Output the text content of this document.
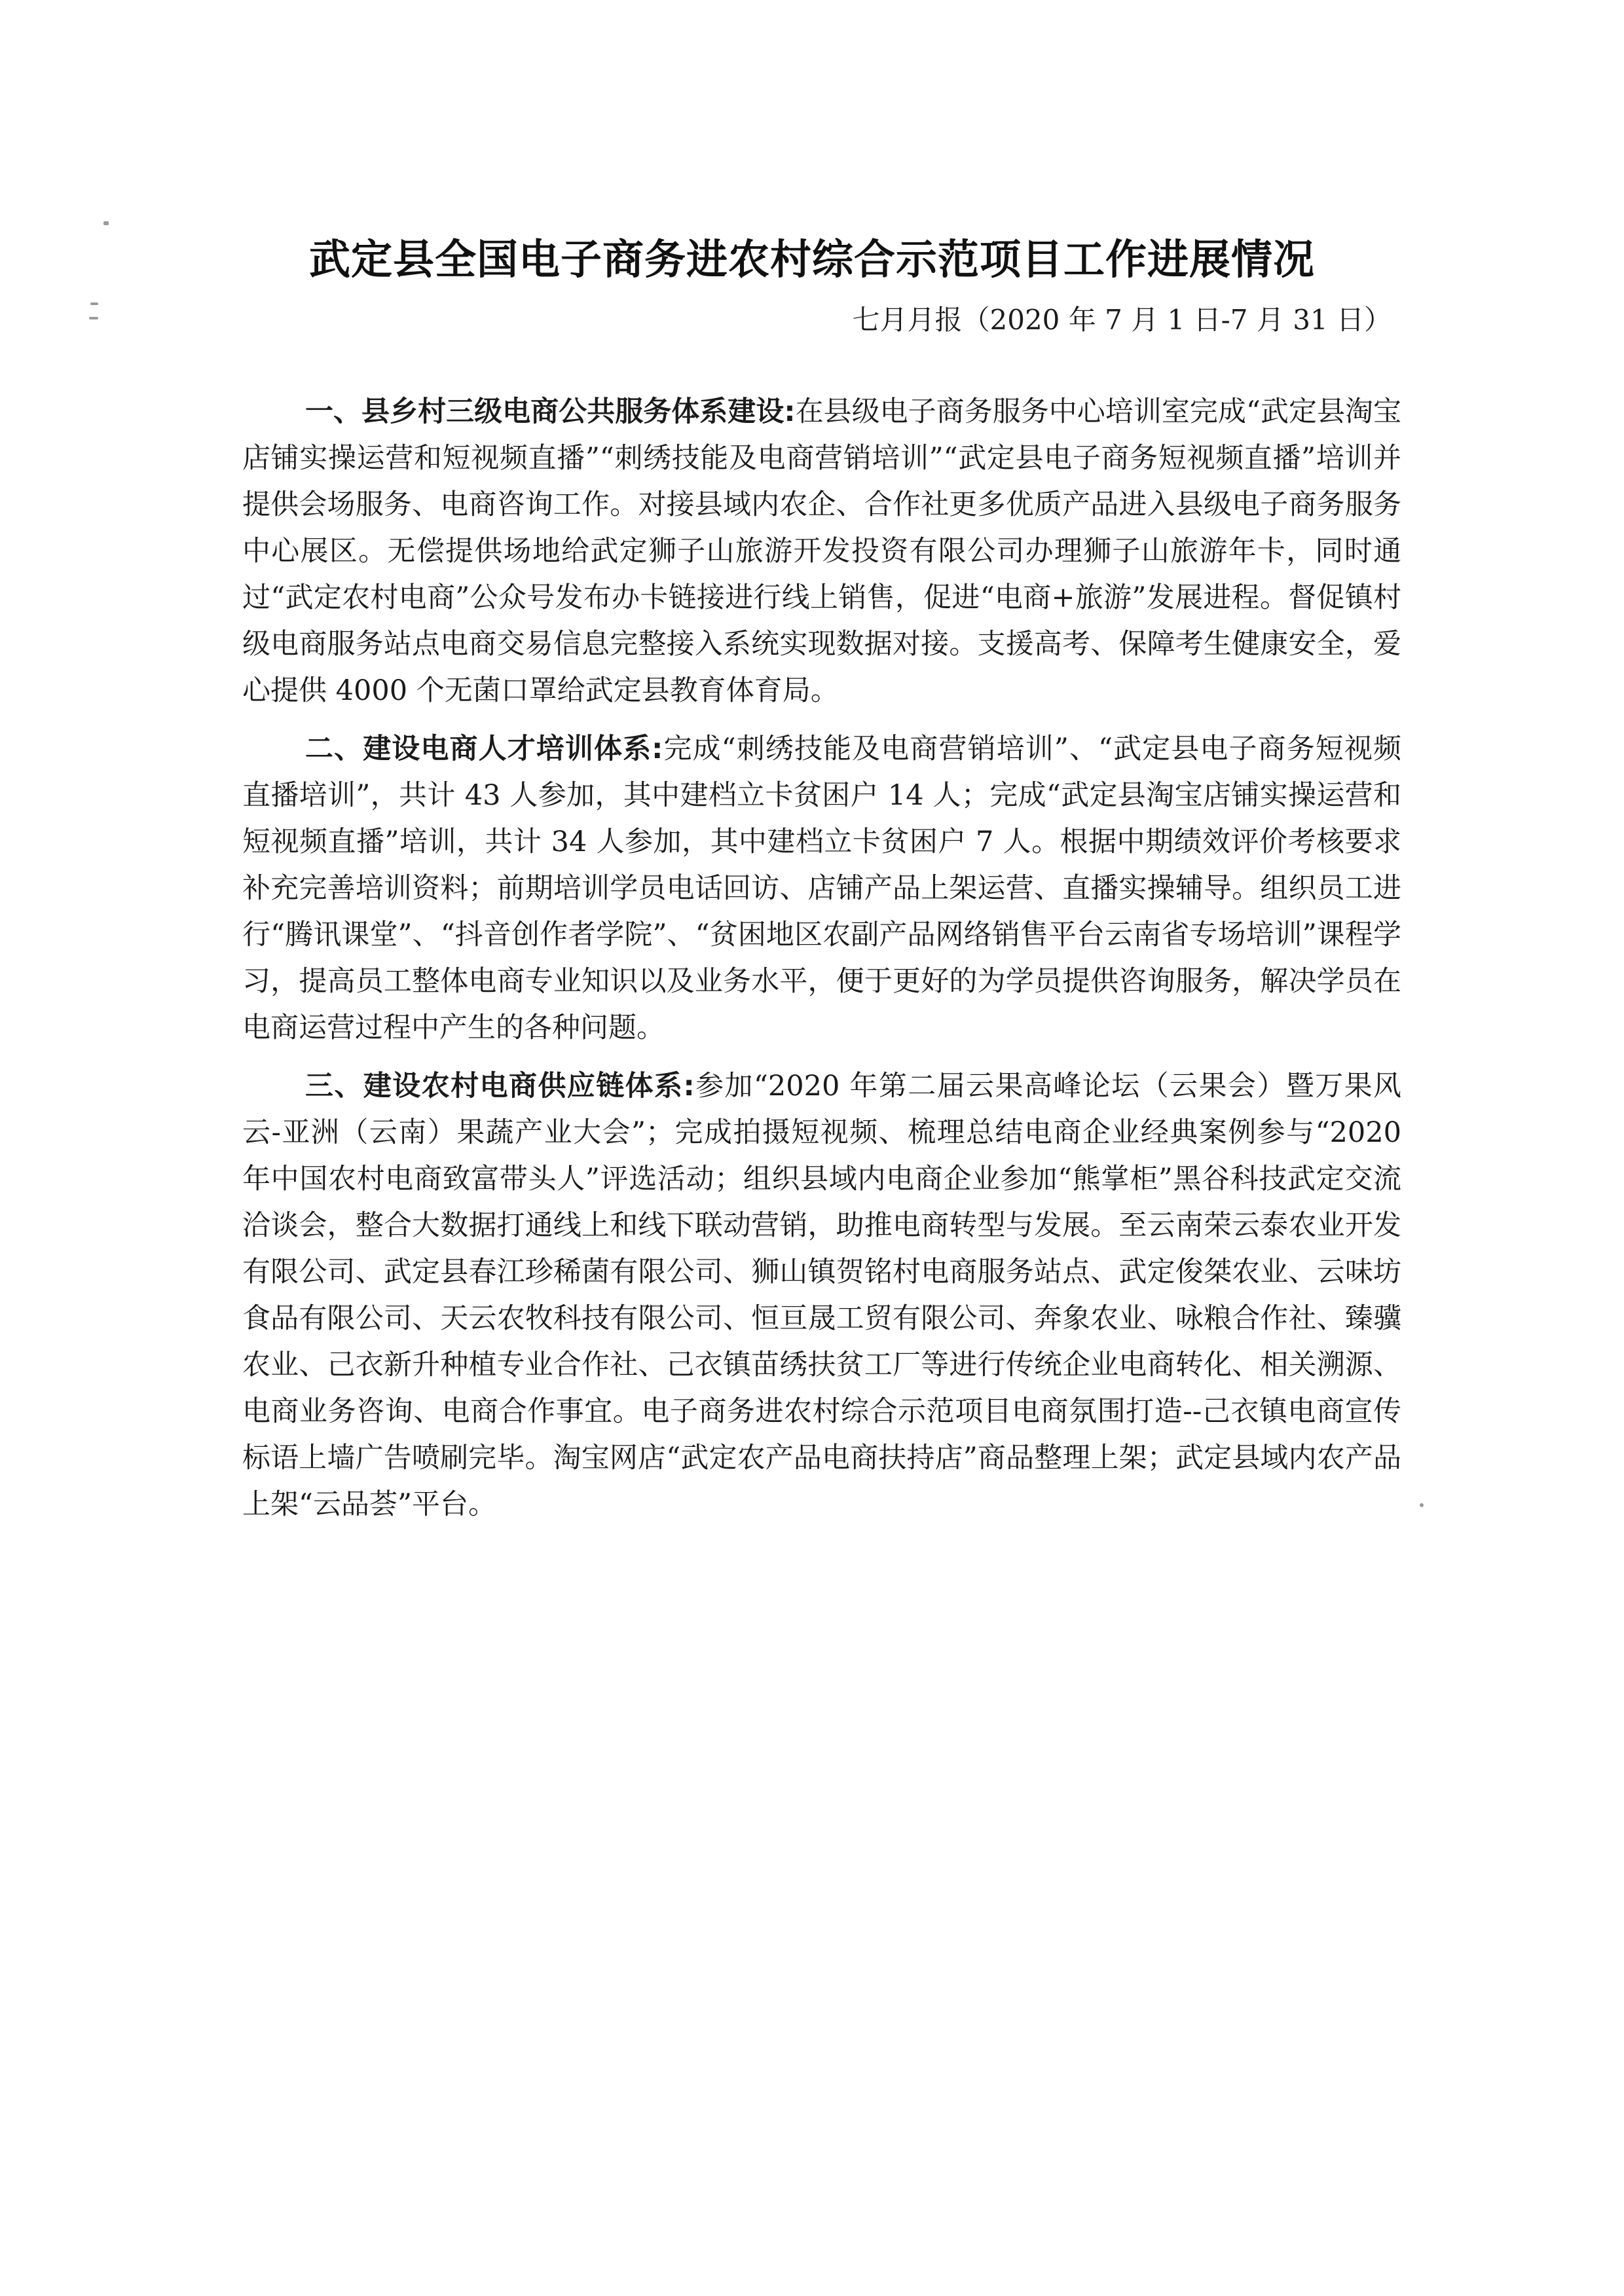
武定县全国电子商务进农村综合示范项目工作进展情况

七月月报（2020 年 7 月 1 日-7 月 31 日）

一、县乡村三级电商公共服务体系建设:在县级电子商务服务中心培训室完成“武定县淘宝店铺实操运营和短视频直播”“刺绣技能及电商营销培训”“武定县电子商务短视频直播”培训并提供会场服务、电商咨询工作。对接县域内农企、合作社更多优质产品进入县级电子商务服务中心展区。无偿提供场地给武定狮子山旅游开发投资有限公司办理狮子山旅游年卡，同时通过“武定农村电商”公众号发布办卡链接进行线上销售，促进“电商+旅游”发展进程。督促镇村级电商服务站点电商交易信息完整接入系统实现数据对接。支援高考、保障考生健康安全，爱心提供 4000 个无菌口罩给武定县教育体育局。

二、建设电商人才培训体系:完成“刺绣技能及电商营销培训”、“武定县电子商务短视频直播培训”，共计 43 人参加，其中建档立卡贫困户 14 人；完成“武定县淘宝店铺实操运营和短视频直播”培训，共计 34 人参加，其中建档立卡贫困户 7 人。根据中期绩效评价考核要求补充完善培训资料；前期培训学员电话回访、店铺产品上架运营、直播实操辅导。组织员工进行“腾讯课堂”、“抖音创作者学院”、“贫困地区农副产品网络销售平台云南省专场培训”课程学习，提高员工整体电商专业知识以及业务水平，便于更好的为学员提供咨询服务，解决学员在电商运营过程中产生的各种问题。

三、建设农村电商供应链体系:参加“2020 年第二届云果高峰论坛（云果会）暨万果风云-亚洲（云南）果蔬产业大会”；完成拍摄短视频、梳理总结电商企业经典案例参与“2020 年中国农村电商致富带头人”评选活动；组织县域内电商企业参加“熊掌柜”黑谷科技武定交流洽谈会，整合大数据打通线上和线下联动营销，助推电商转型与发展。至云南荣云泰农业开发有限公司、武定县春江珍稀菌有限公司、狮山镇贺铭村电商服务站点、武定俊桀农业、云味坊食品有限公司、天云农牧科技有限公司、恒亘晟工贸有限公司、奔象农业、咏粮合作社、臻骥农业、己衣新升种植专业合作社、己衣镇苗绣扶贫工厂等进行传统企业电商转化、相关溯源、电商业务咨询、电商合作事宜。电子商务进农村综合示范项目电商氛围打造--己衣镇电商宣传标语上墙广告喷刷完毕。淘宝网店“武定农产品电商扶持店”商品整理上架；武定县域内农产品上架“云品荟”平台。
